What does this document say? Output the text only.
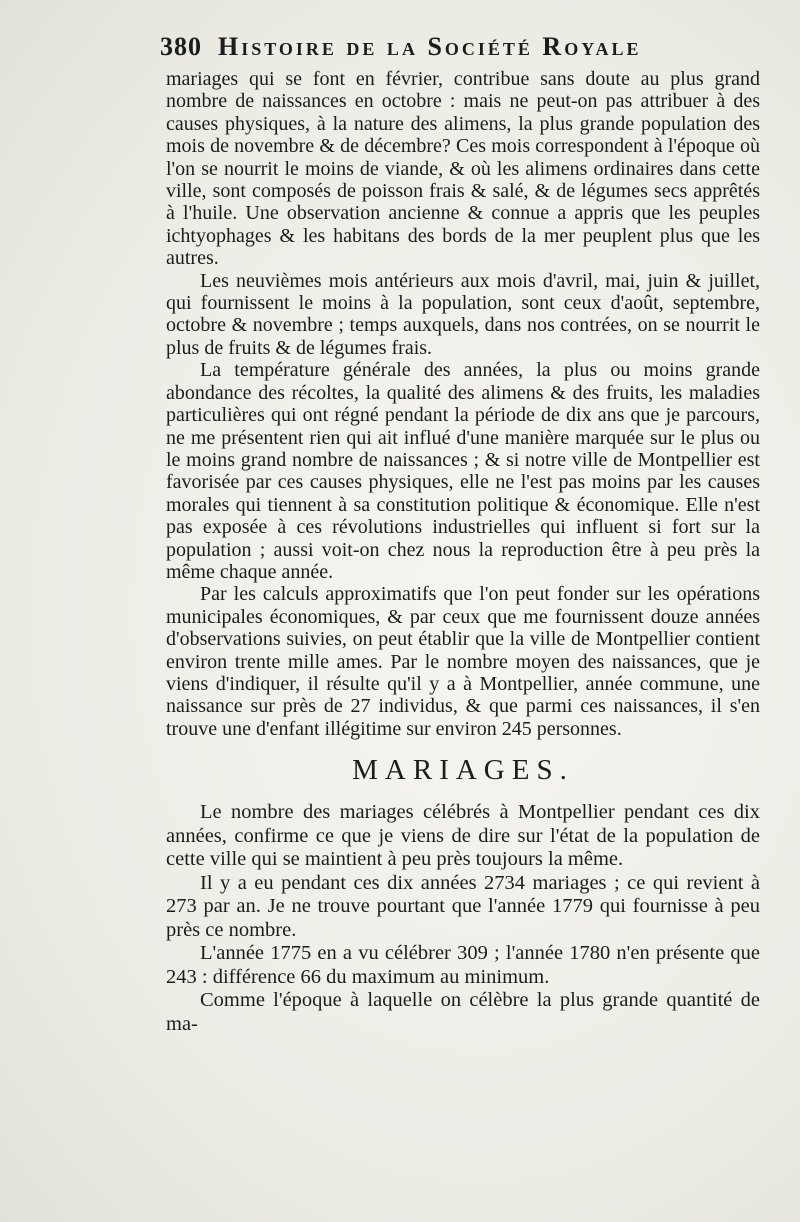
380 Histoire de la Société Royale

mariages qui se font en février, contribue sans doute au plus grand nombre de naissances en octobre : mais ne peut-on pas attribuer à des causes physiques, à la nature des alimens, la plus grande population des mois de novembre & de décembre? Ces mois correspondent à l'époque où l'on se nourrit le moins de viande, & où les alimens ordinaires dans cette ville, sont composés de poisson frais & salé, & de légumes secs apprêtés à l'huile. Une observation ancienne & connue a appris que les peuples ichtyophages & les habitans des bords de la mer peuplent plus que les autres.

Les neuvièmes mois antérieurs aux mois d'avril, mai, juin & juillet, qui fournissent le moins à la population, sont ceux d'août, septembre, octobre & novembre ; temps auxquels, dans nos contrées, on se nourrit le plus de fruits & de légumes frais.

La température générale des années, la plus ou moins grande abondance des récoltes, la qualité des alimens & des fruits, les maladies particulières qui ont régné pendant la période de dix ans que je parcours, ne me présentent rien qui ait influé d'une manière marquée sur le plus ou le moins grand nombre de naissances ; & si notre ville de Montpellier est favorisée par ces causes physiques, elle ne l'est pas moins par les causes morales qui tiennent à sa constitution politique & économique. Elle n'est pas exposée à ces révolutions industrielles qui influent si fort sur la population ; aussi voit-on chez nous la reproduction être à peu près la même chaque année.

Par les calculs approximatifs que l'on peut fonder sur les opérations municipales économiques, & par ceux que me fournissent douze années d'observations suivies, on peut établir que la ville de Montpellier contient environ trente mille ames. Par le nombre moyen des naissances, que je viens d'indiquer, il résulte qu'il y a à Montpellier, année commune, une naissance sur près de 27 individus, & que parmi ces naissances, il s'en trouve une d'enfant illégitime sur environ 245 personnes.

MARIAGES.

Le nombre des mariages célébrés à Montpellier pendant ces dix années, confirme ce que je viens de dire sur l'état de la population de cette ville qui se maintient à peu près toujours la même.

Il y a eu pendant ces dix années 2734 mariages ; ce qui revient à 273 par an. Je ne trouve pourtant que l'année 1779 qui fournisse à peu près ce nombre.

L'année 1775 en a vu célébrer 309 ; l'année 1780 n'en présente que 243 : différence 66 du maximum au minimum.

Comme l'époque à laquelle on célèbre la plus grande quantité de ma-
